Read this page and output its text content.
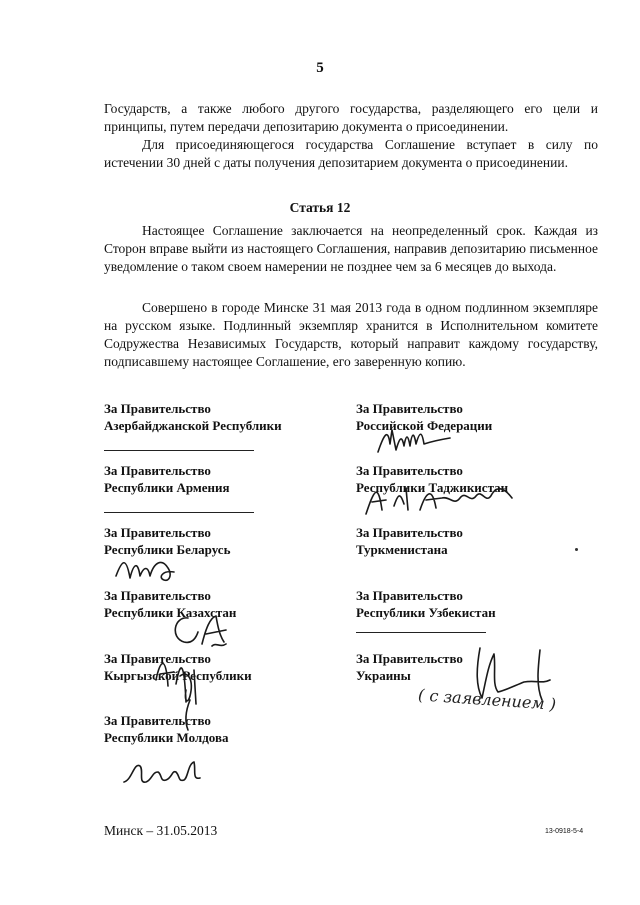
5

Государств, а также любого другого государства, разделяющего его цели и принципы, путем передачи депозитарию документа о присоединении.

Для присоединяющегося государства Соглашение вступает в силу по истечении 30 дней с даты получения депозитарием документа о присоединении.

Статья 12

Настоящее Соглашение заключается на неопределенный срок. Каждая из Сторон вправе выйти из настоящего Соглашения, направив депозитарию письменное уведомление о таком своем намерении не позднее чем за 6 месяцев до выхода.

Совершено в городе Минске 31 мая 2013 года в одном подлинном экземпляре на русском языке. Подлинный экземпляр хранится в Исполнительном комитете Содружества Независимых Государств, который направит каждому государству, подписавшему настоящее Соглашение, его заверенную копию.

За Правительство
Азербайджанской Республики
За Правительство
Республики Армения
За Правительство
Республики Беларусь
За Правительство
Республики Казахстан
За Правительство
Кыргызской Республики
За Правительство
Республики Молдова
За Правительство
Российской Федерации
За Правительство
Республики Таджикистан
За Правительство
Туркменистана
За Правительство
Республики Узбекистан
За Правительство
Украины
( с заявлением )
Минск – 31.05.2013	13-0918-5-4
